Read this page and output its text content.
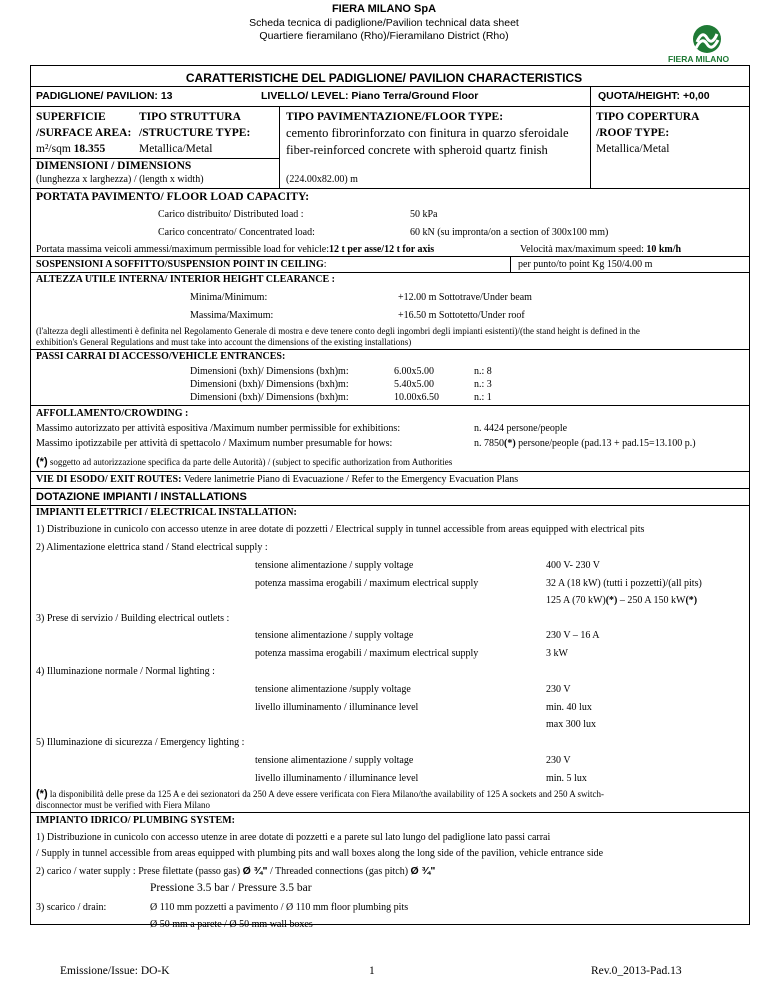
FIERA MILANO SpA
Scheda tecnica di padiglione/Pavilion technical data sheet
Quartiere fieramilano (Rho)/Fieramilano District (Rho)
FIERA MILANO
CARATTERISTICHE DEL PADIGLIONE/ PAVILION CHARACTERISTICS
PADIGLIONE/ PAVILION: 13	LIVELLO/ LEVEL: Piano Terra/Ground Floor	QUOTA/HEIGHT: +0,00
SUPERFICIE
/SURFACE AREA:
m²/sqm 18.355
TIPO STRUTTURA
/STRUCTURE TYPE:
Metallica/Metal
TIPO PAVIMENTAZIONE/FLOOR TYPE:
cemento fibrorinforzato con finitura in quarzo sferoidale
fiber-reinforced concrete with spheroid quartz finish
TIPO COPERTURA
/ROOF TYPE:
Metallica/Metal
DIMENSIONI / DIMENSIONS
(lunghezza x larghezza) / (length x width)	(224.00x82.00) m
PORTATA PAVIMENTO/ FLOOR LOAD CAPACITY:
Carico distribuito/ Distributed load :	50 kPa
Carico concentrato/ Concentrated load:	60 kN (su impronta/on a section of 300x100 mm)
Portata massima veicoli ammessi/maximum permissible load for vehicle:12 t per asse/12 t for axis	Velocità max/maximum speed: 10 km/h
SOSPENSIONI A SOFFITTO/SUSPENSION POINT IN CEILING:	per punto/to point Kg 150/4.00 m
ALTEZZA UTILE INTERNA/ INTERIOR HEIGHT CLEARANCE :
Minima/Minimum:	+12.00 m Sottotrave/Under beam
Massima/Maximum:	+16.50 m Sottotetto/Under roof
(l'altezza degli allestimenti è definita nel Regolamento Generale di mostra e deve tenere conto degli ingombri degli impianti esistenti)/(the stand height is defined in the
exhibition's General Regulations and must take into account the dimensions of the existing installations)
PASSI CARRAI DI ACCESSO/VEHICLE ENTRANCES:
Dimensioni (bxh)/ Dimensions (bxh)m:	6.00x5.00	n.: 8
Dimensioni (bxh)/ Dimensions (bxh)m:	5.40x5.00	n.: 3
Dimensioni (bxh)/ Dimensions (bxh)m:	10.00x6.50	n.: 1
AFFOLLAMENTO/CROWDING :
Massimo autorizzato per attività espositiva /Maximum number permissible for exhibitions:	n. 4424 persone/people
Massimo ipotizzabile per attività di spettacolo / Maximum number presumable for hows:	n. 7850(*) persone/people (pad.13 + pad.15=13.100 p.)
(*) soggetto ad autorizzazione specifica da parte delle Autorità) / (subject to specific authorization from Authorities
VIE DI ESODO/ EXIT ROUTES: Vedere lanimetrie Piano di Evacuazione / Refer to the Emergency Evacuation Plans
DOTAZIONE IMPIANTI / INSTALLATIONS
IMPIANTI ELETTRICI / ELECTRICAL INSTALLATION:
1) Distribuzione in cunicolo con accesso utenze in aree dotate di pozzetti / Electrical supply in tunnel accessible from areas equipped with electrical pits
2) Alimentazione elettrica stand / Stand electrical supply :
tensione alimentazione / supply voltage	400 V- 230 V
potenza massima erogabili / maximum electrical supply	32 A (18 kW) (tutti i pozzetti)/(all pits)
125 A (70 kW)(*) – 250 A 150 kW(*)
3) Prese di servizio / Building electrical outlets :
tensione alimentazione / supply voltage	230 V – 16 A
potenza massima erogabili / maximum electrical supply	3 kW
4) Illuminazione normale / Normal lighting :
tensione alimentazione /supply voltage	230 V
livello illuminamento / illuminance level	min. 40 lux
max 300 lux
5) Illuminazione di sicurezza / Emergency lighting :
tensione alimentazione / supply voltage	230 V
livello illuminamento / illuminance level	min. 5 lux
(*) la disponibilità delle prese da 125 A e dei sezionatori da 250 A deve essere verificata con Fiera Milano/the availability of 125 A sockets and 250 A switch-
disconnector must be verified with Fiera Milano
IMPIANTO IDRICO/ PLUMBING SYSTEM:
1) Distribuzione in cunicolo con accesso utenze in aree dotate di pozzetti e a parete sul lato lungo del padiglione lato passi carrai
/ Supply in tunnel accessible from areas equipped with plumbing pits and wall boxes along the long side of the pavilion, vehicle entrance side
2) carico / water supply : Prese filettate (passo gas) Ø ¾" / Threaded connections (gas pitch) Ø ¾"
Pressione 3.5 bar / Pressure 3.5 bar
3) scarico / drain:	Ø 110 mm pozzetti a pavimento / Ø 110 mm floor plumbing pits
Ø 50 mm a parete / Ø 50 mm wall boxes
Emissione/Issue: DO-K	1	Rev.0_2013-Pad.13
